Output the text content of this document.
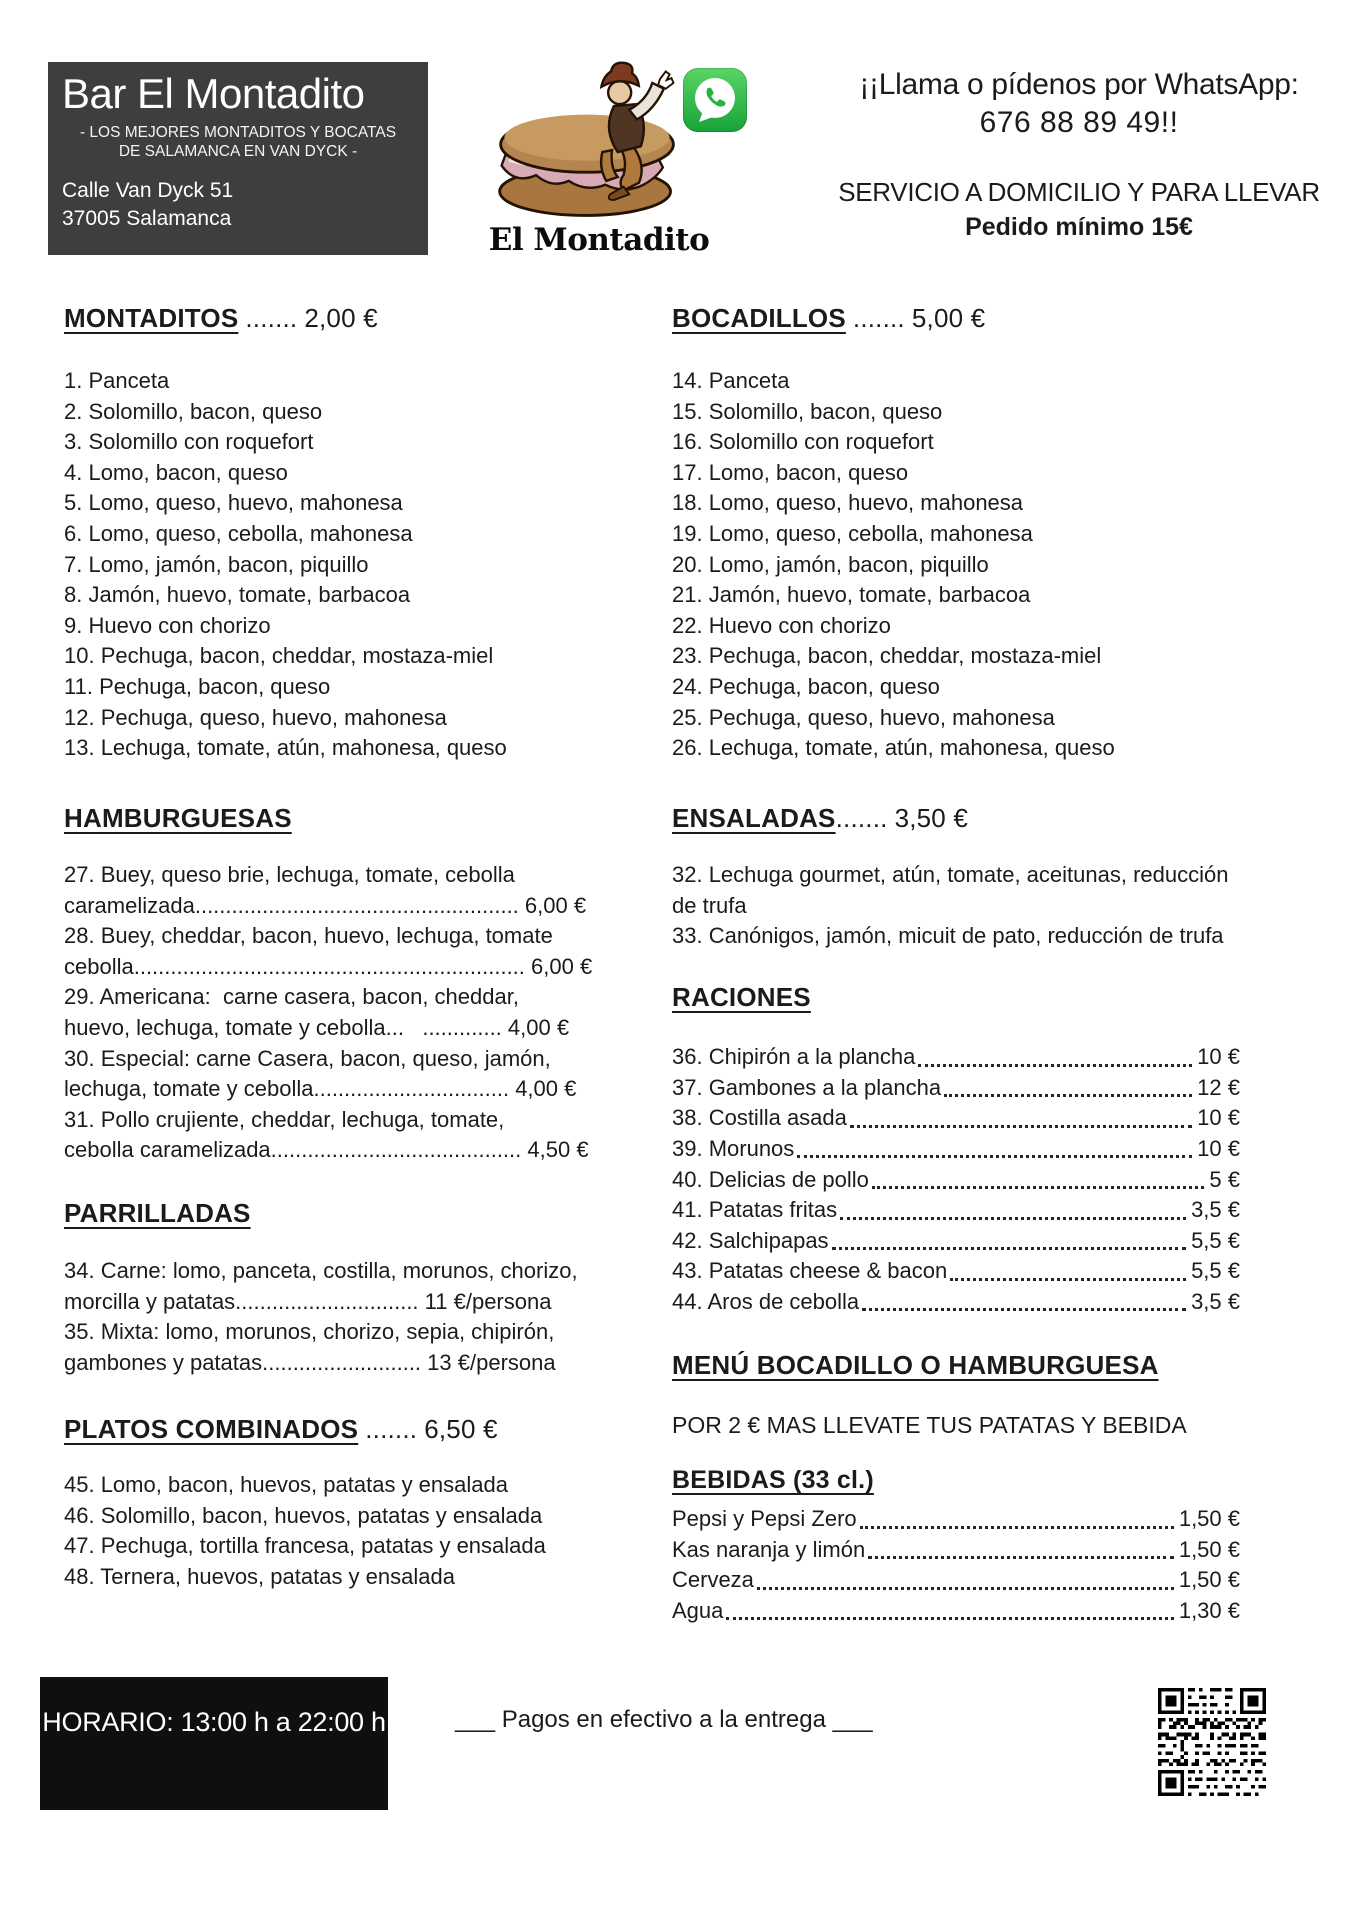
Bar El Montadito
- LOS MEJORES MONTADITOS Y BOCATAS DE SALAMANCA EN VAN DYCK -
Calle Van Dyck 51
37005 Salamanca
El Montadito
¡¡Llama o pídenos por WhatsApp:
676 88 89 49!!
SERVICIO A DOMICILIO Y PARA LLEVAR
Pedido mínimo 15€
MONTADITOS ....... 2,00 €
1. Panceta
2. Solomillo, bacon, queso
3. Solomillo con roquefort
4. Lomo, bacon, queso
5. Lomo, queso, huevo, mahonesa
6. Lomo, queso, cebolla, mahonesa
7. Lomo, jamón, bacon, piquillo
8. Jamón, huevo, tomate, barbacoa
9. Huevo con chorizo
10. Pechuga, bacon, cheddar, mostaza-miel
11. Pechuga, bacon, queso
12. Pechuga, queso, huevo, mahonesa
13. Lechuga, tomate, atún, mahonesa, queso
HAMBURGUESAS
27. Buey, queso brie, lechuga, tomate, cebolla
caramelizada..................................................... 6,00 €
28. Buey, cheddar, bacon, huevo, lechuga, tomate
cebolla................................................................ 6,00 €
29. Americana:  carne casera, bacon, cheddar,
huevo, lechuga, tomate y cebolla...   ............. 4,00 €
30. Especial: carne Casera, bacon, queso, jamón,
lechuga, tomate y cebolla................................ 4,00 €
31. Pollo crujiente, cheddar, lechuga, tomate,
cebolla caramelizada......................................... 4,50 €
PARRILLADAS
34. Carne: lomo, panceta, costilla, morunos, chorizo,
morcilla y patatas.............................. 11 €/persona
35. Mixta: lomo, morunos, chorizo, sepia, chipirón,
gambones y patatas.......................... 13 €/persona
PLATOS COMBINADOS ....... 6,50 €
45. Lomo, bacon, huevos, patatas y ensalada
46. Solomillo, bacon, huevos, patatas y ensalada
47. Pechuga, tortilla francesa, patatas y ensalada
48. Ternera, huevos, patatas y ensalada
BOCADILLOS ....... 5,00 €
14. Panceta
15. Solomillo, bacon, queso
16. Solomillo con roquefort
17. Lomo, bacon, queso
18. Lomo, queso, huevo, mahonesa
19. Lomo, queso, cebolla, mahonesa
20. Lomo, jamón, bacon, piquillo
21. Jamón, huevo, tomate, barbacoa
22. Huevo con chorizo
23. Pechuga, bacon, cheddar, mostaza-miel
24. Pechuga, bacon, queso
25. Pechuga, queso, huevo, mahonesa
26. Lechuga, tomate, atún, mahonesa, queso
ENSALADAS....... 3,50 €
32. Lechuga gourmet, atún, tomate, aceitunas, reducción
de trufa
33. Canónigos, jamón, micuit de pato, reducción de trufa
RACIONES
36. Chipirón a la plancha	10 €
37. Gambones a la plancha	12 €
38. Costilla asada	10 €
39. Morunos	10 €
40. Delicias de pollo	5 €
41. Patatas fritas	3,5 €
42. Salchipapas	5,5 €
43. Patatas cheese & bacon	5,5 €
44. Aros de cebolla	3,5 €
MENÚ BOCADILLO O HAMBURGUESA
POR 2 € MAS LLEVATE TUS PATATAS Y BEBIDA
BEBIDAS (33 cl.)
Pepsi y Pepsi Zero	1,50 €
Kas naranja y limón	1,50 €
Cerveza	1,50 €
Agua	1,30 €
HORARIO: 13:00 h a 22:00 h	___ Pagos en efectivo a la entrega ___
